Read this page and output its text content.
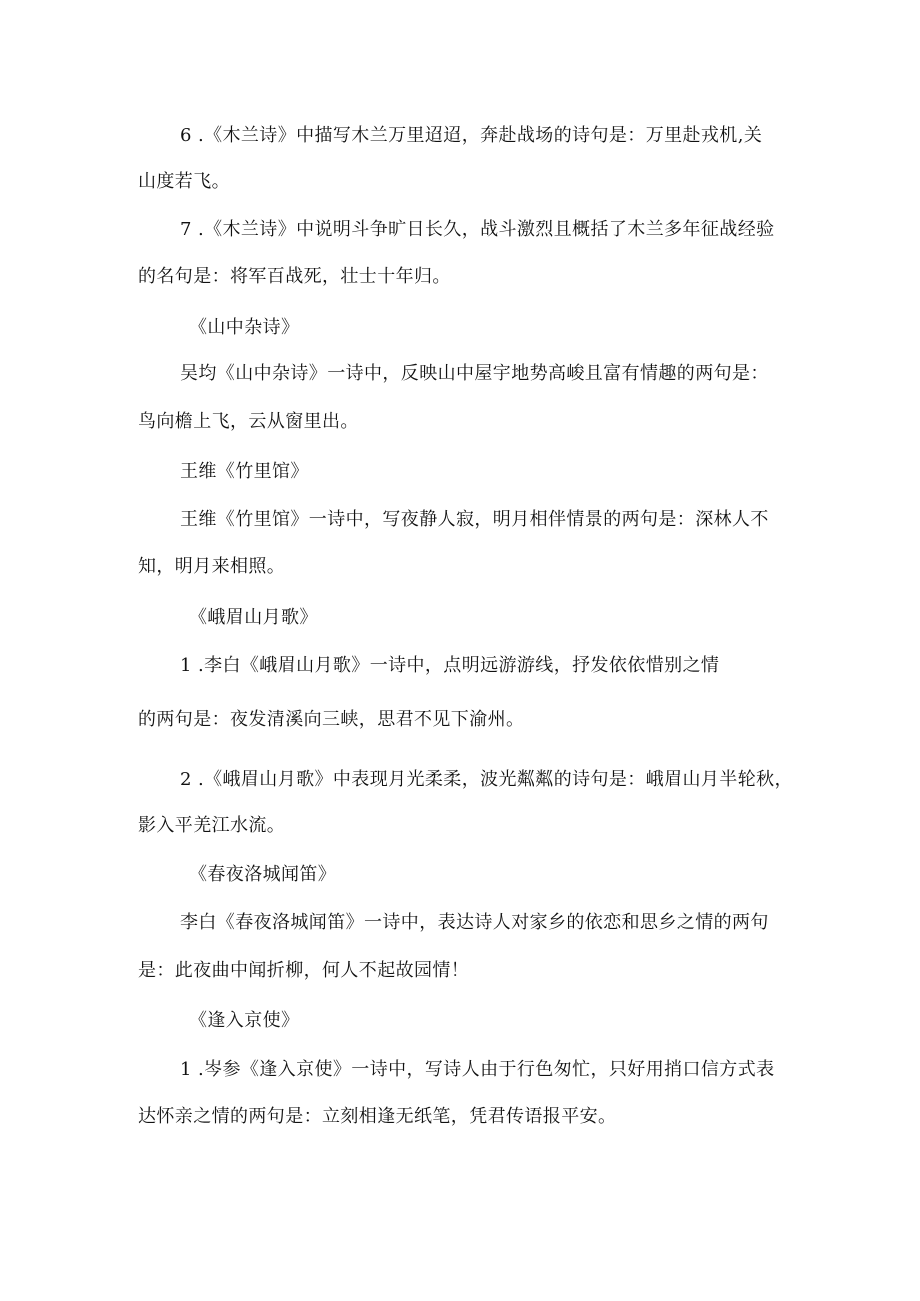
6 .《木兰诗》中描写木兰万里迢迢，奔赴战场的诗句是：万里赴戎机,关
山度若飞。
7 .《木兰诗》中说明斗争旷日长久，战斗激烈且概括了木兰多年征战经验
的名句是：将军百战死，壮士十年归。
《山中杂诗》
吴均《山中杂诗》一诗中，反映山中屋宇地势高峻且富有情趣的两句是：
鸟向檐上飞，云从窗里出。
王维《竹里馆》
王维《竹里馆》一诗中，写夜静人寂，明月相伴情景的两句是：深林人不
知，明月来相照。
《峨眉山月歌》
1 .李白《峨眉山月歌》一诗中，点明远游游线，抒发依依惜别之情
的两句是：夜发清溪向三峡，思君不见下渝州。
2 .《峨眉山月歌》中表现月光柔柔，波光粼粼的诗句是：峨眉山月半轮秋，
影入平羌江水流。
《春夜洛城闻笛》
李白《春夜洛城闻笛》一诗中，表达诗人对家乡的依恋和思乡之情的两句
是：此夜曲中闻折柳，何人不起故园情！
《逢入京使》
1 .岑参《逢入京使》一诗中，写诗人由于行色匆忙，只好用捎口信方式表
达怀亲之情的两句是：立刻相逢无纸笔，凭君传语报平安。
